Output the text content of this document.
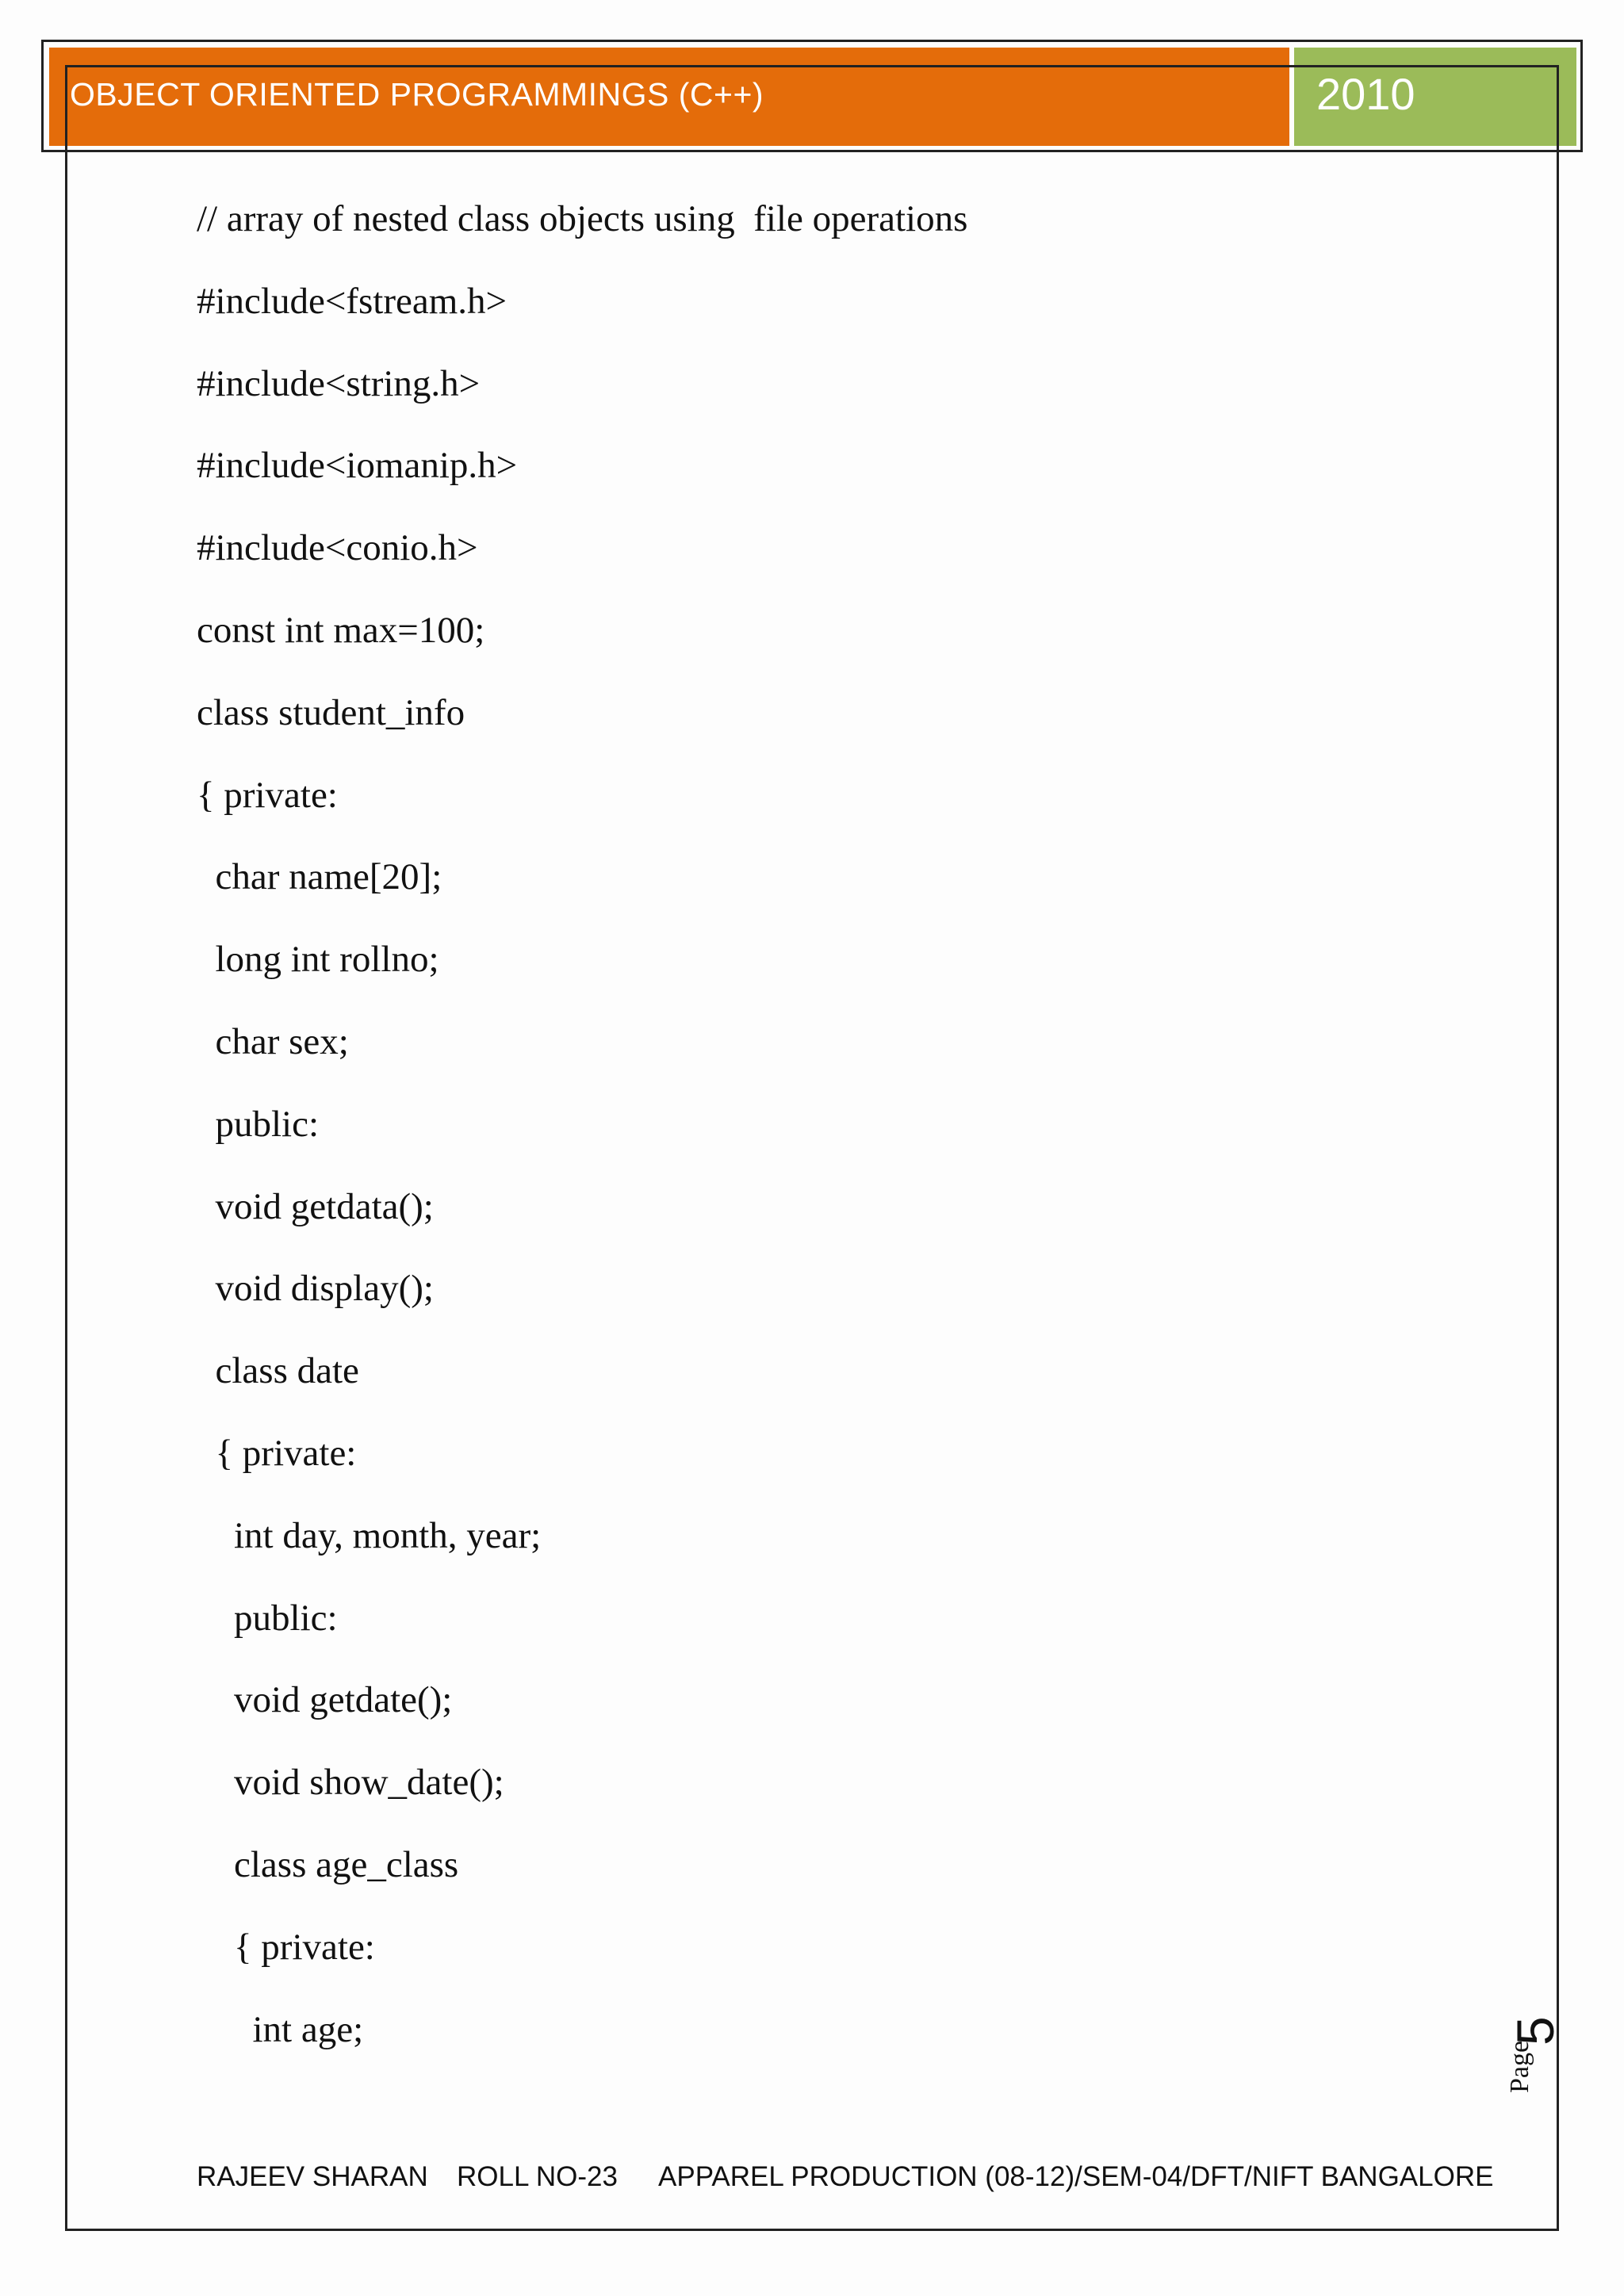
OBJECT ORIENTED PROGRAMMINGS (C++)	2010
// array of nested class objects using  file operations
#include<fstream.h>
#include<string.h>
#include<iomanip.h>
#include<conio.h>
const int max=100;
class student_info
{ private:
char name[20];
long int rollno;
char sex;
public:
void getdata();
void display();
class date
{ private:
int day, month, year;
public:
void getdate();
void show_date();
class age_class
{ private:
int age;	5
Page
RAJEEV SHARAN ROLL NO-23 APPAREL PRODUCTION (08-12)/SEM-04/DFT/NIFT BANGALORE
